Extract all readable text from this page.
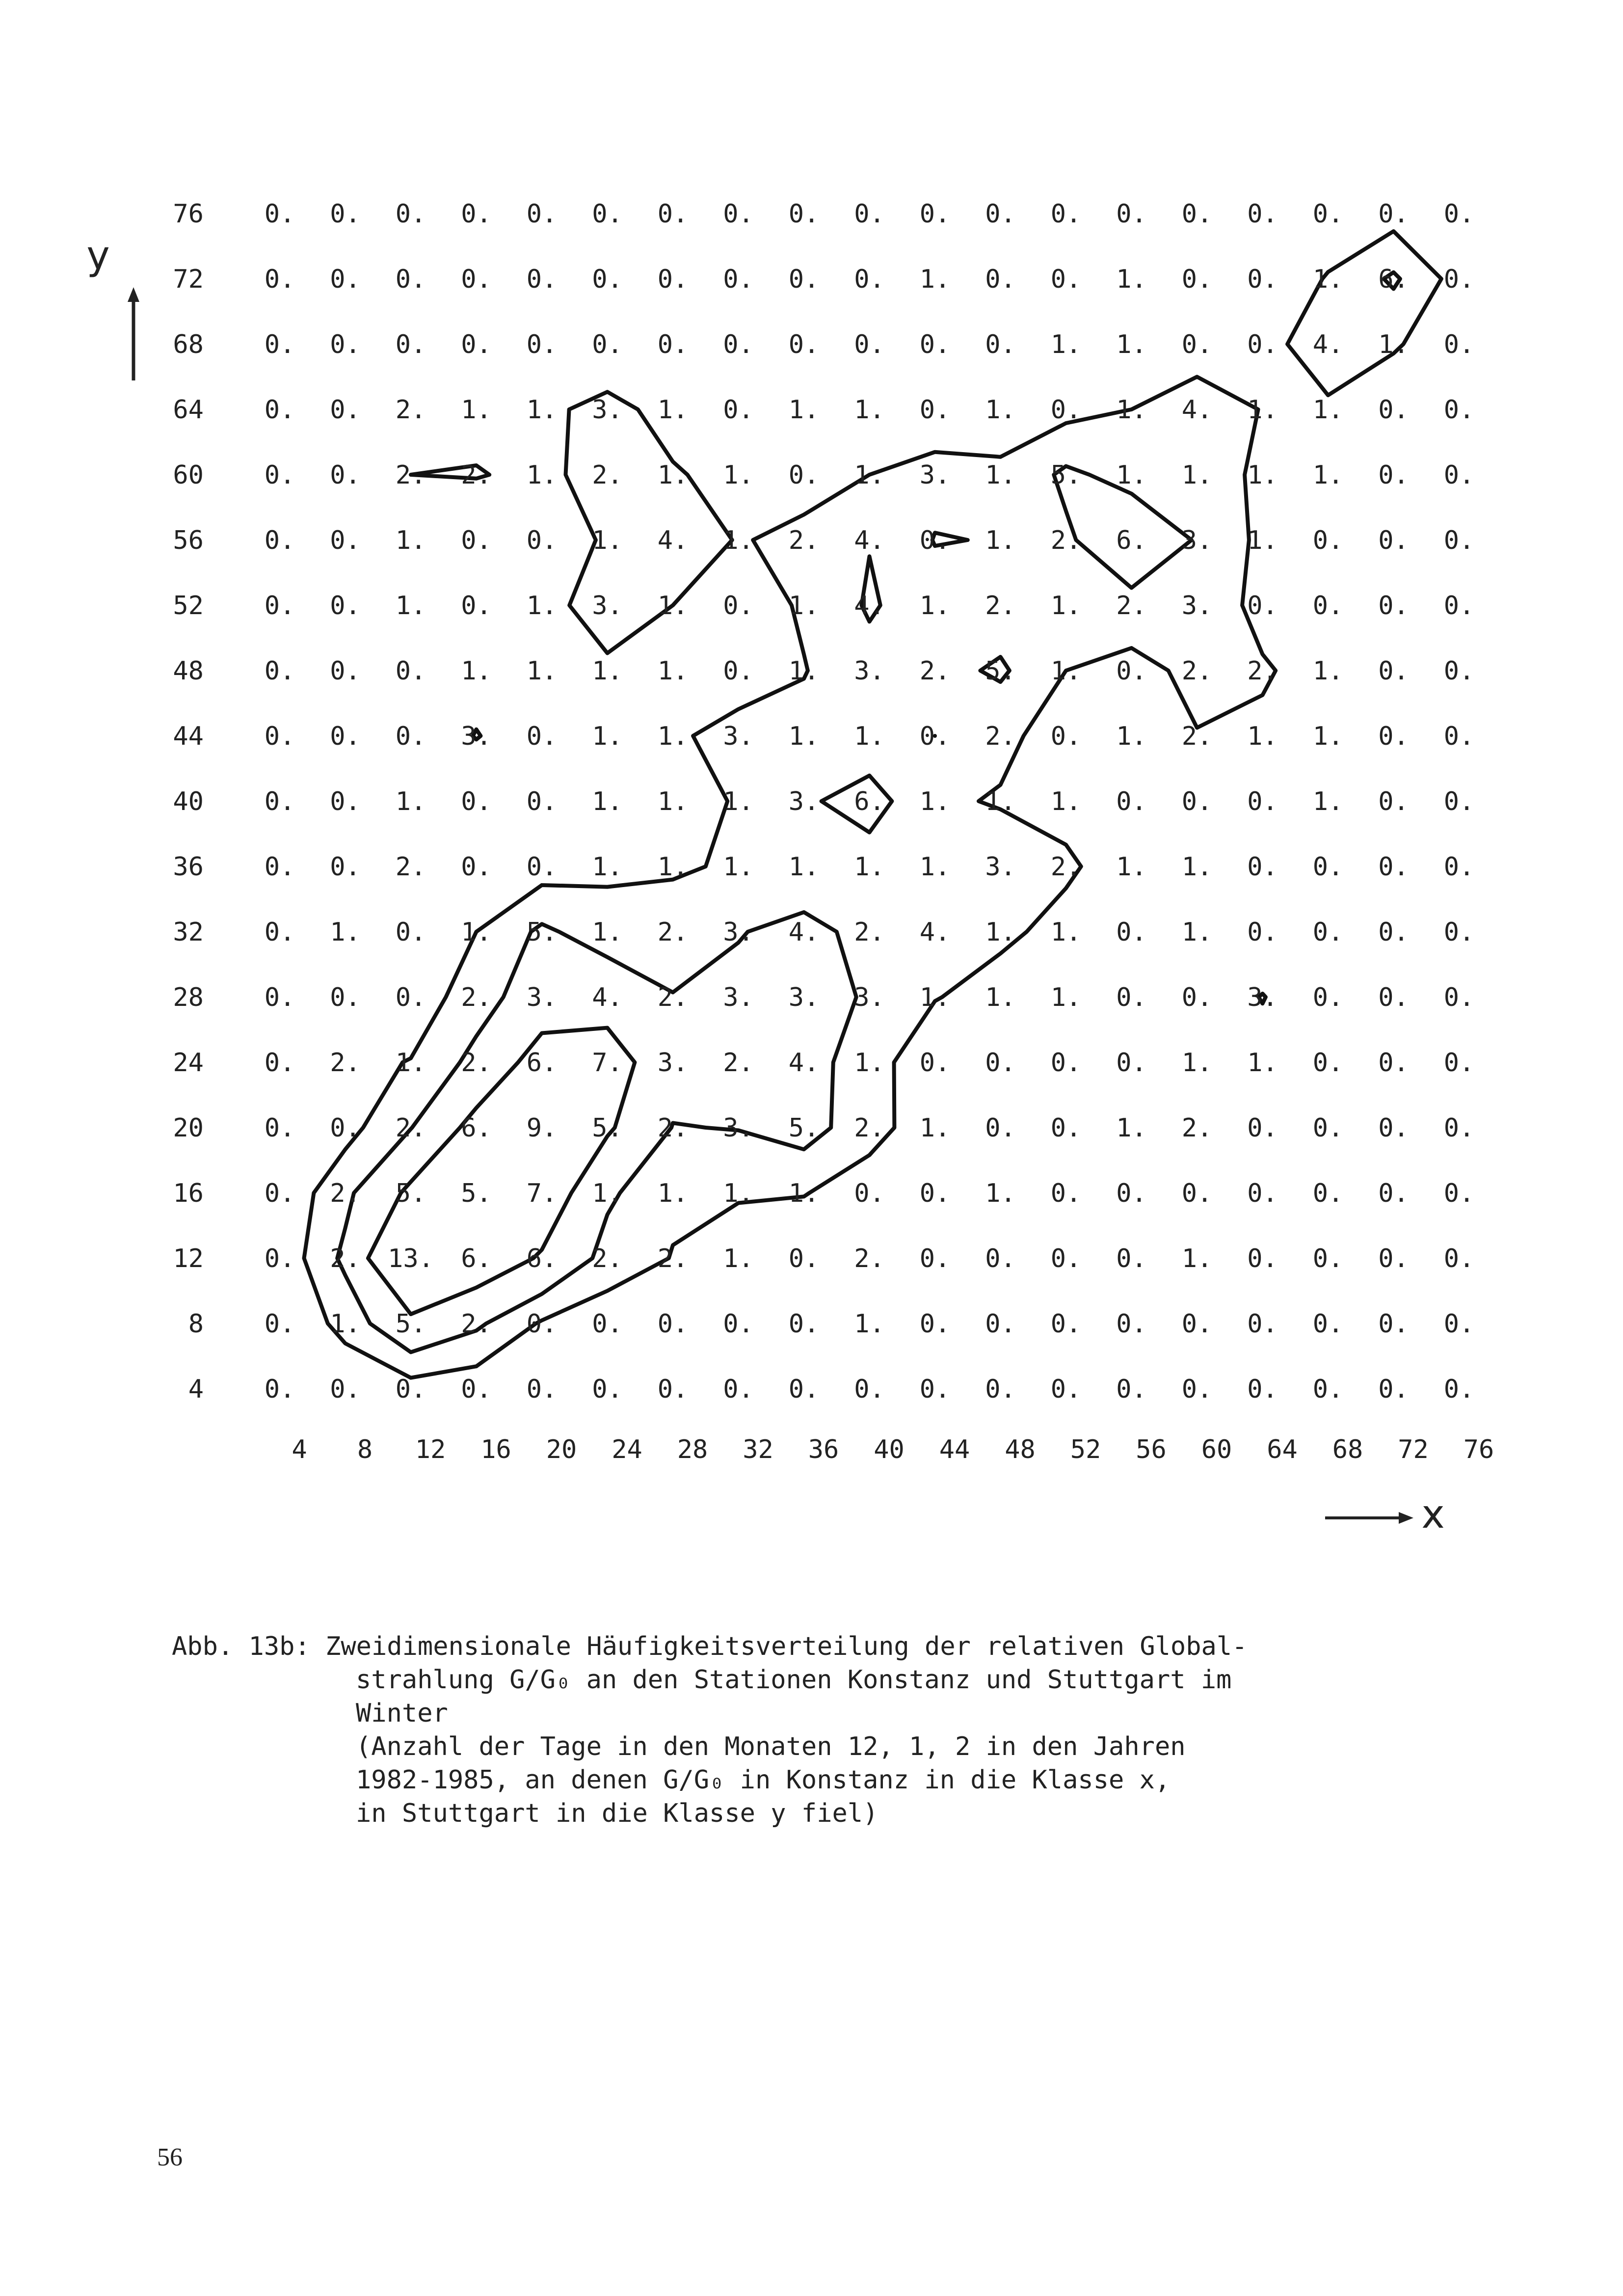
0. 0. 0. 0. 0. 0. 0. 0. 0. 0. 0. 0. 0. 0. 0. 0. 0. 0. 0.
0. 0. 0. 0. 0. 0. 0. 0. 0. 0. 1. 0. 0. 1. 0. 0. 1. 6. 0.
0. 0. 0. 0. 0. 0. 0. 0. 0. 0. 0. 0. 1. 1. 0. 0. 4. 1. 0.
0. 0. 2. 1. 1. 3. 1. 0. 1. 1. 0. 1. 0. 1. 4. 1. 1. 0. 0.
0. 0. 2. 2. 1. 2. 1. 1. 0. 1. 3. 1. 5. 1. 1. 1. 1. 0. 0.
0. 0. 1. 0. 0. 1. 4. 1. 2. 4. 0. 1. 2. 6. 3. 1. 0. 0. 0.
0. 0. 1. 0. 1. 3. 1. 0. 1. 4. 1. 2. 1. 2. 3. 0. 0. 0. 0.
0. 0. 0. 1. 1. 1. 1. 0. 1. 3. 2. 5. 1. 0. 2. 2. 1. 0. 0.
0. 0. 0. 3. 0. 1. 1. 3. 1. 1. 0. 2. 0. 1. 2. 1. 1. 0. 0.
0. 0. 1. 0. 0. 1. 1. 1. 3. 6. 1. 1. 1. 0. 0. 0. 1. 0. 0.
0. 0. 2. 0. 0. 1. 1. 1. 1. 1. 1. 3. 2. 1. 1. 0. 0. 0. 0.
0. 1. 0. 1. 5. 1. 2. 3. 4. 2. 4. 1. 1. 0. 1. 0. 0. 0. 0.
0. 0. 0. 2. 3. 4. 2. 3. 3. 3. 1. 1. 1. 0. 0. 3. 0. 0. 0.
0. 2. 1. 2. 6. 7. 3. 2. 4. 1. 0. 0. 0. 0. 1. 1. 0. 0. 0.
0. 0. 2. 6. 9. 5. 2. 3. 5. 2. 1. 0. 0. 1. 2. 0. 0. 0. 0.
0. 2. 5. 5. 7. 1. 1. 1. 1. 0. 0. 1. 0. 0. 0. 0. 0. 0. 0.
0. 2. 13. 6. 6. 2. 2. 1. 0. 2. 0. 0. 0. 0. 1. 0. 0. 0. 0.
0. 1. 5. 2. 0. 0. 0. 0. 0. 1. 0. 0. 0. 0. 0. 0. 0. 0. 0.
0. 0. 0. 0. 0. 0. 0. 0. 0. 0. 0. 0. 0. 0. 0. 0. 0. 0. 0.
76
72
68
64
60
56
52
48
44
40
36
32
28
24
20
16
12
8
4
4 8 12 16 20 24 28 32 36 40 44 48 52 56 60 64 68 72 76
y
x
Abb. 13b: Zweidimensionale Häufigkeitsverteilung der relativen Global-
strahlung G/G₀ an den Stationen Konstanz und Stuttgart im
Winter
(Anzahl der Tage in den Monaten 12, 1, 2 in den Jahren
1982-1985, an denen G/G₀ in Konstanz in die Klasse x,
in Stuttgart in die Klasse y fiel)
56
